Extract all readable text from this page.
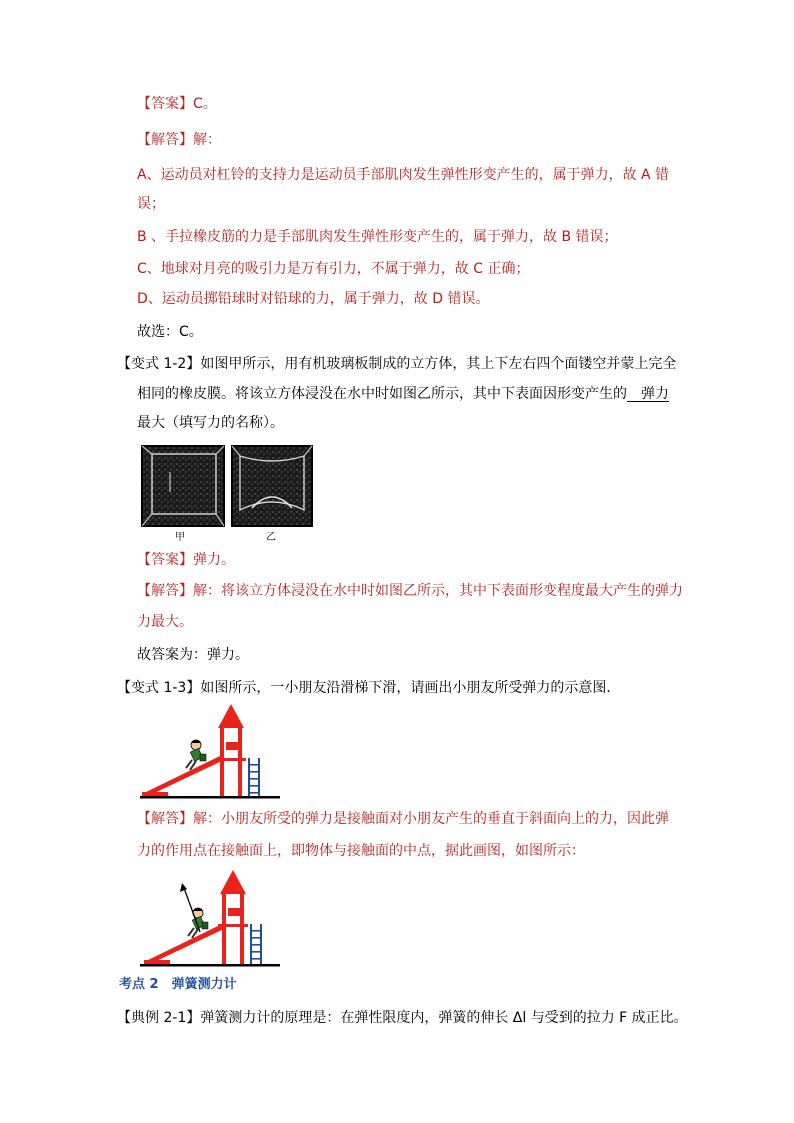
【答案】C。
【解答】解：
A、运动员对杠铃的支持力是运动员手部肌肉发生弹性形变产生的，属于弹力，故 A 错
误；
B 、手拉橡皮筋的力是手部肌肉发生弹性形变产生的，属于弹力，故 B 错误；
C、地球对月亮的吸引力是万有引力，不属于弹力，故 C 正确；
D、运动员掷铅球时对铅球的力，属于弹力，故 D 错误。
故选：C。
【变式 1-2】如图甲所示，用有机玻璃板制成的立方体，其上下左右四个面镂空并蒙上完全
相同的橡皮膜。将该立方体浸没在水中时如图乙所示，其中下表面因形变产生的　弹力
最大（填写力的名称）。
甲	乙
【答案】弹力。
【解答】解：将该立方体浸没在水中时如图乙所示，其中下表面形变程度最大产生的弹力
力最大。
故答案为：弹力。
【变式 1-3】如图所示，一小朋友沿滑梯下滑，请画出小朋友所受弹力的示意图．
【解答】解：小朋友所受的弹力是接触面对小朋友产生的垂直于斜面向上的力，因此弹
力的作用点在接触面上，即物体与接触面的中点，据此画图，如图所示：
考点 2　弹簧测力计
【典例 2-1】弹簧测力计的原理是：在弹性限度内，弹簧的伸长 Δl 与受到的拉力 F 成正比。
